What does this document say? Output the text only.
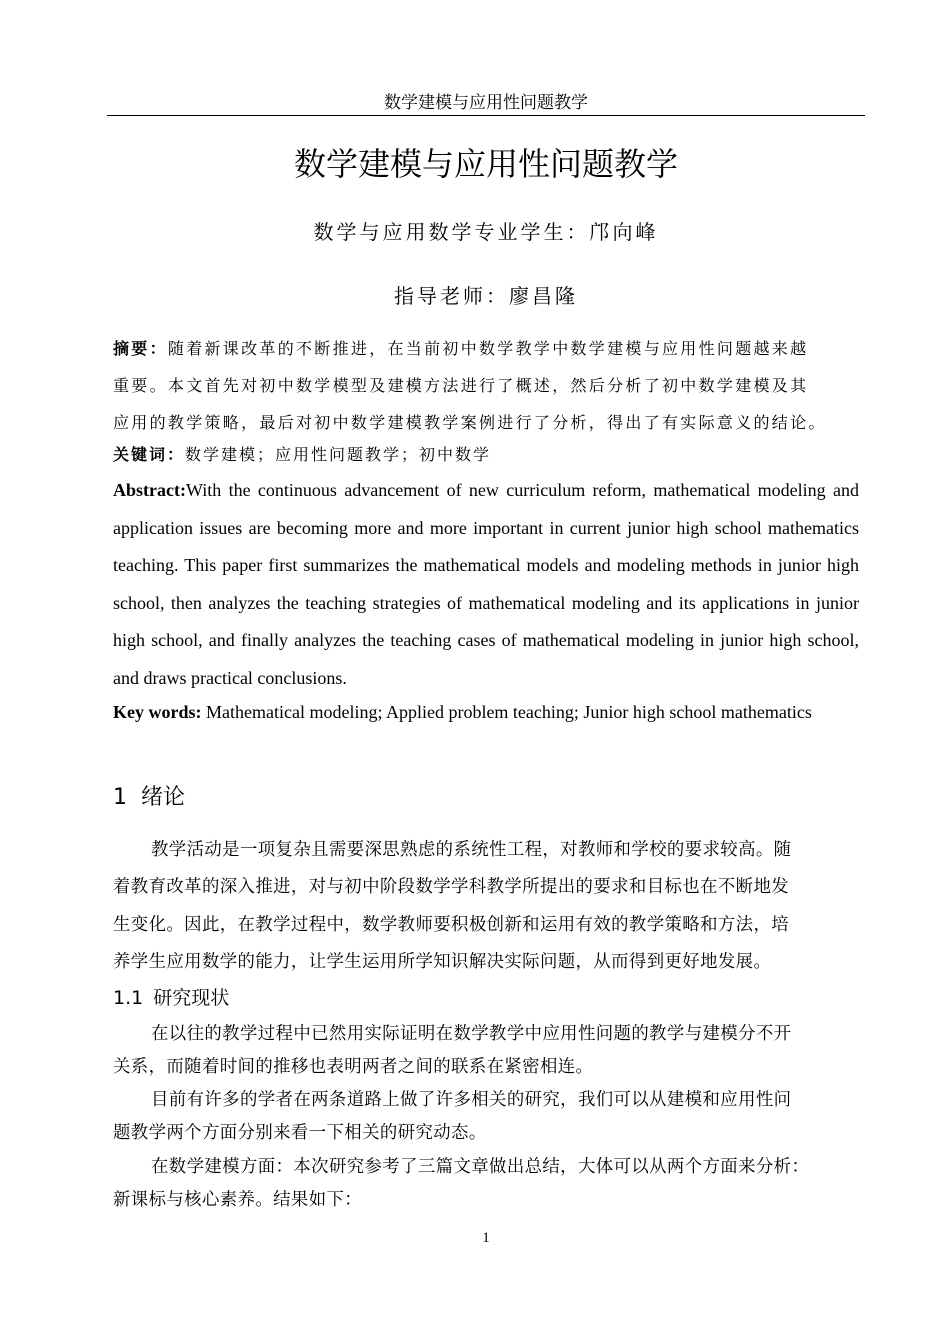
数学建模与应用性问题教学
数学建模与应用性问题教学
数学与应用数学专业学生：邝向峰
指导老师：廖昌隆
摘要：随着新课改革的不断推进，在当前初中数学教学中数学建模与应用性问题越来越
重要。本文首先对初中数学模型及建模方法进行了概述，然后分析了初中数学建模及其
应用的教学策略，最后对初中数学建模教学案例进行了分析，得出了有实际意义的结论。
关键词：数学建模；应用性问题教学；初中数学
Abstract:With the continuous advancement of new curriculum reform, mathematical modeling and application issues are becoming more and more important in current junior high school mathematics teaching. This paper first summarizes the mathematical models and modeling methods in junior high school, then analyzes the teaching strategies of mathematical modeling and its applications in junior high school, and finally analyzes the teaching cases of mathematical modeling in junior high school, and draws practical conclusions.
Key words: Mathematical modeling; Applied problem teaching; Junior high school mathematics
1 绪论
教学活动是一项复杂且需要深思熟虑的系统性工程，对教师和学校的要求较高。随
着教育改革的深入推进，对与初中阶段数学学科教学所提出的要求和目标也在不断地发
生变化。因此，在教学过程中，数学教师要积极创新和运用有效的教学策略和方法，培
养学生应用数学的能力，让学生运用所学知识解决实际问题，从而得到更好地发展。
1.1 研究现状
在以往的教学过程中已然用实际证明在数学教学中应用性问题的教学与建模分不开
关系，而随着时间的推移也表明两者之间的联系在紧密相连。
目前有许多的学者在两条道路上做了许多相关的研究，我们可以从建模和应用性问
题教学两个方面分别来看一下相关的研究动态。
在数学建模方面：本次研究参考了三篇文章做出总结，大体可以从两个方面来分析：
新课标与核心素养。结果如下：
1
